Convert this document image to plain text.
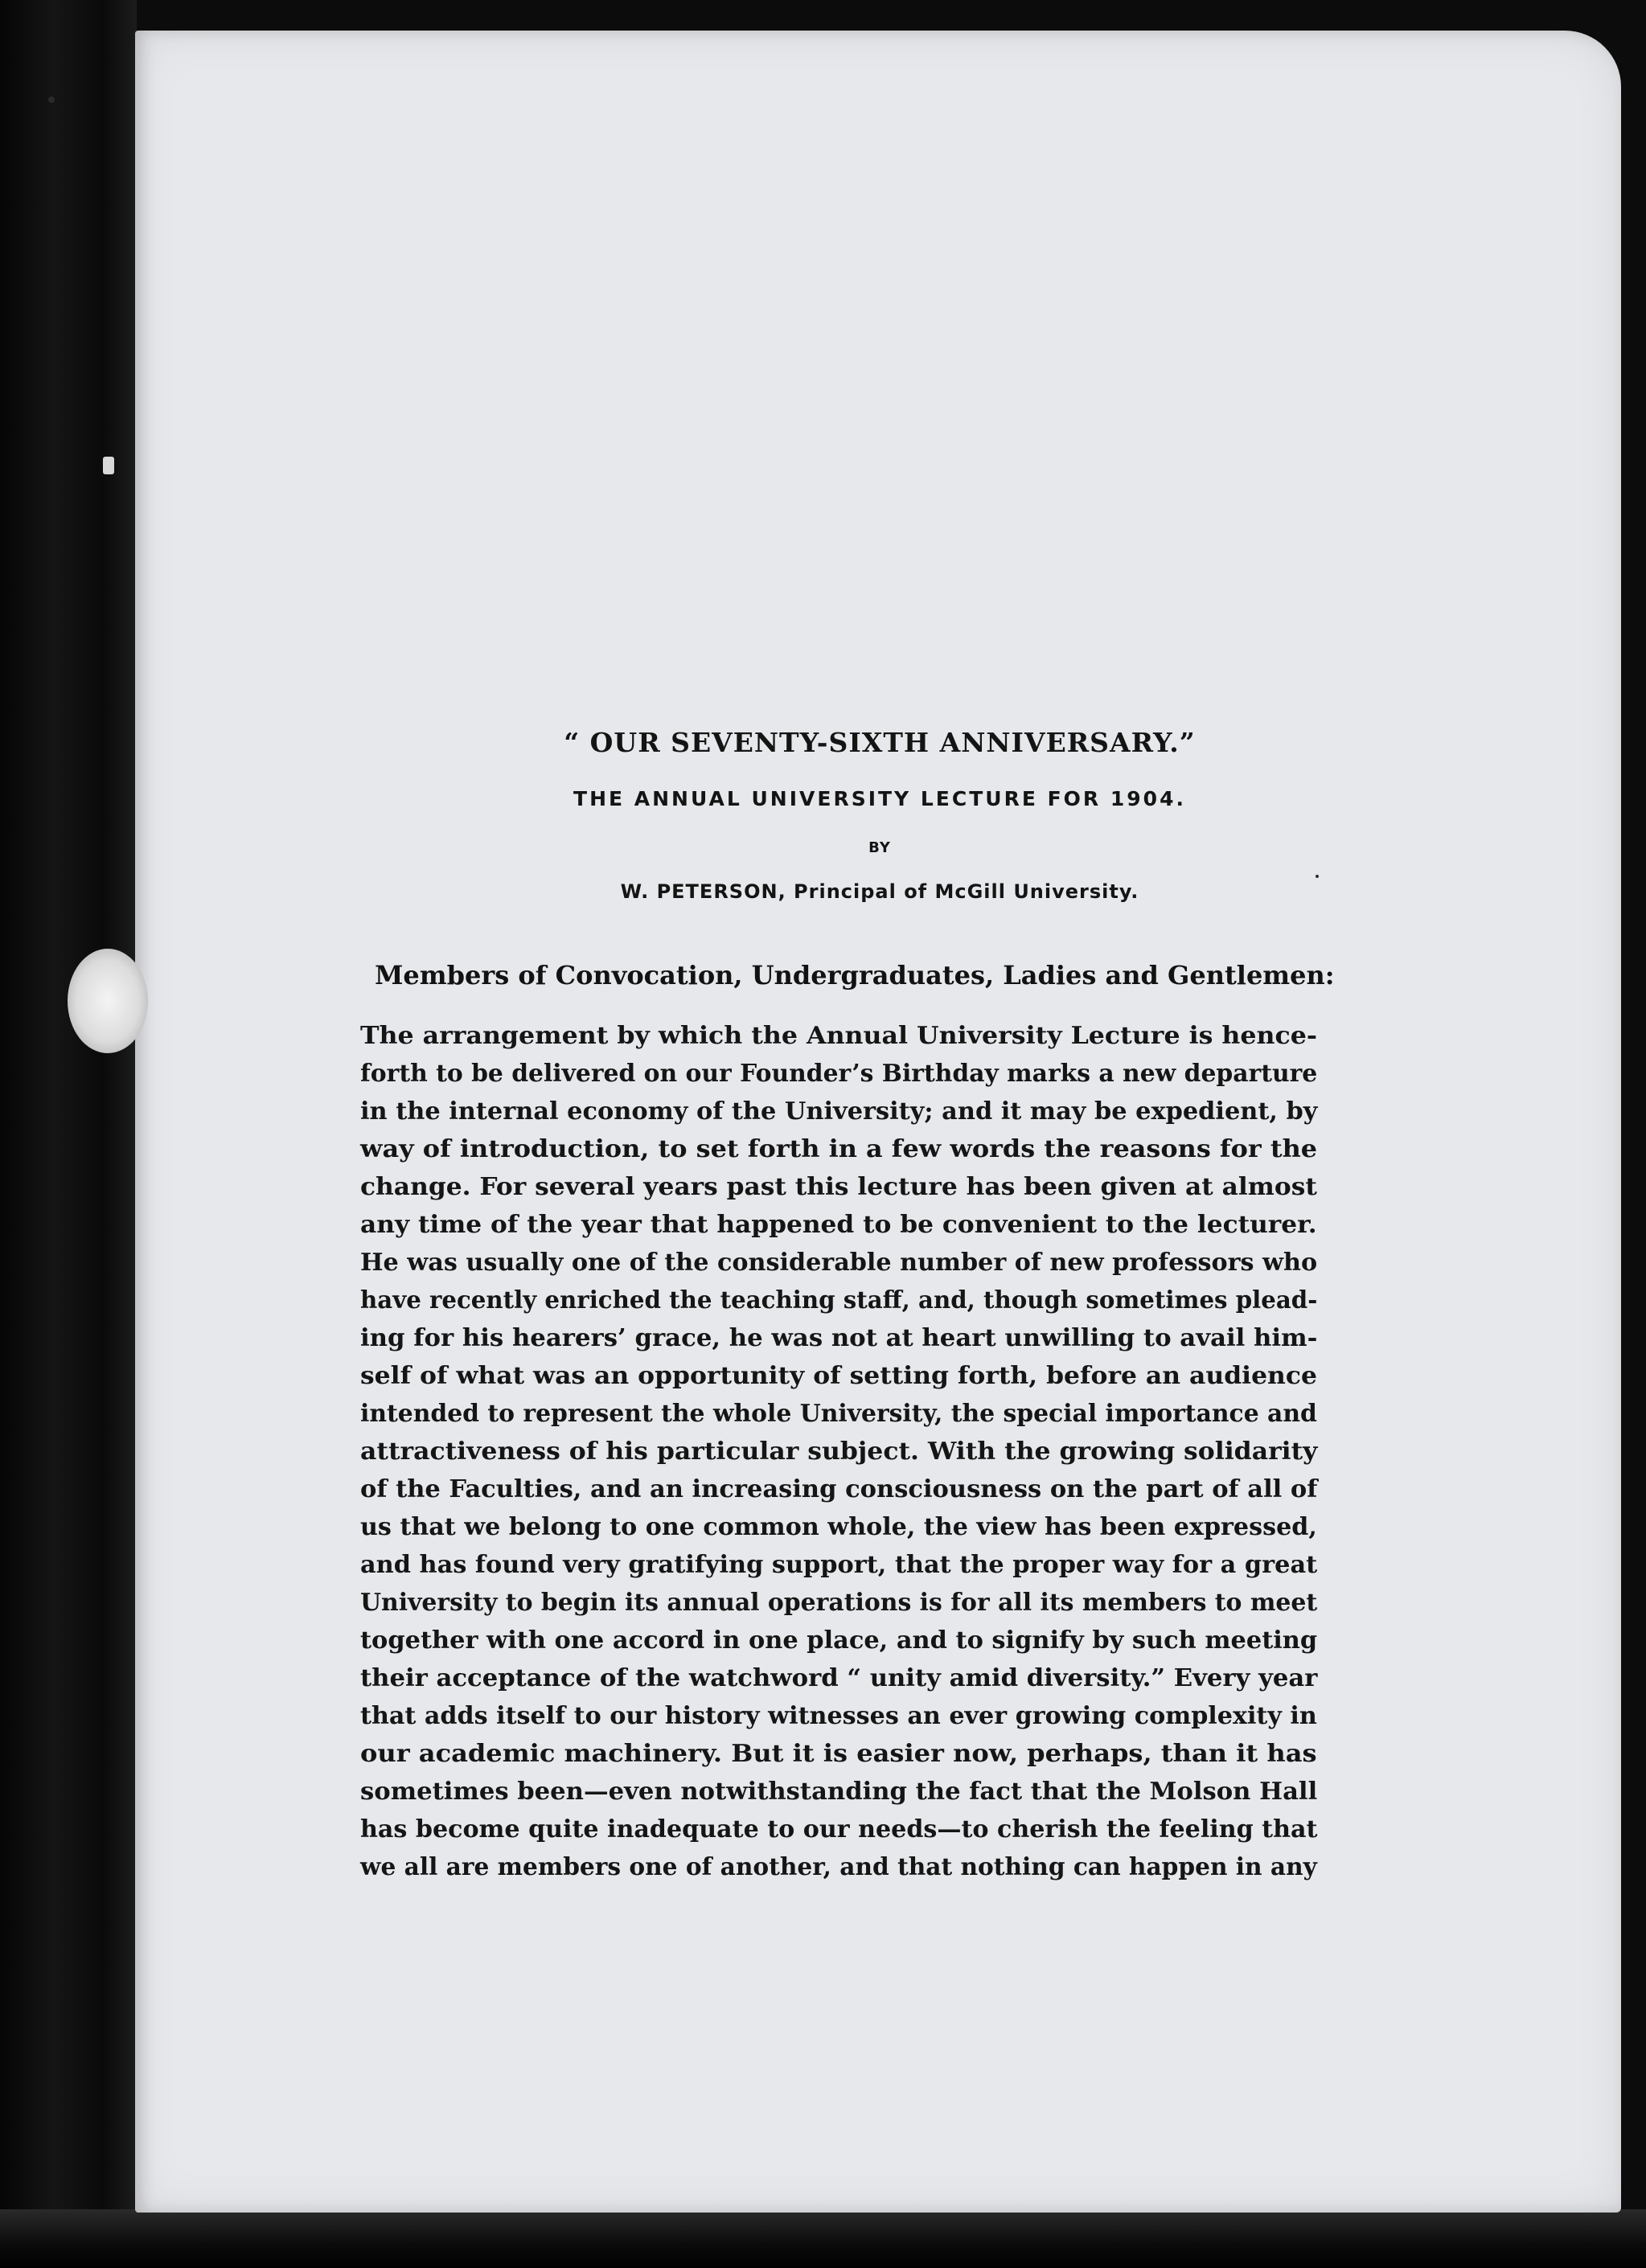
“ OUR SEVENTY-SIXTH ANNIVERSARY.”

THE ANNUAL UNIVERSITY LECTURE FOR 1904.

BY

W. PETERSON, Principal of McGill University.

Members of Convocation, Undergraduates, Ladies and Gentlemen:

The arrangement by which the Annual University Lecture is hence-
forth to be delivered on our Founder’s Birthday marks a new departure
in the internal economy of the University; and it may be expedient, by
way of introduction, to set forth in a few words the reasons for the
change. For several years past this lecture has been given at almost
any time of the year that happened to be convenient to the lecturer.
He was usually one of the considerable number of new professors who
have recently enriched the teaching staff, and, though sometimes plead-
ing for his hearers’ grace, he was not at heart unwilling to avail him-
self of what was an opportunity of setting forth, before an audience
intended to represent the whole University, the special importance and
attractiveness of his particular subject. With the growing solidarity
of the Faculties, and an increasing consciousness on the part of all of
us that we belong to one common whole, the view has been expressed,
and has found very gratifying support, that the proper way for a great
University to begin its annual operations is for all its members to meet
together with one accord in one place, and to signify by such meeting
their acceptance of the watchword “ unity amid diversity.” Every year
that adds itself to our history witnesses an ever growing complexity in
our academic machinery. But it is easier now, perhaps, than it has
sometimes been—even notwithstanding the fact that the Molson Hall
has become quite inadequate to our needs—to cherish the feeling that
we all are members one of another, and that nothing can happen in any
